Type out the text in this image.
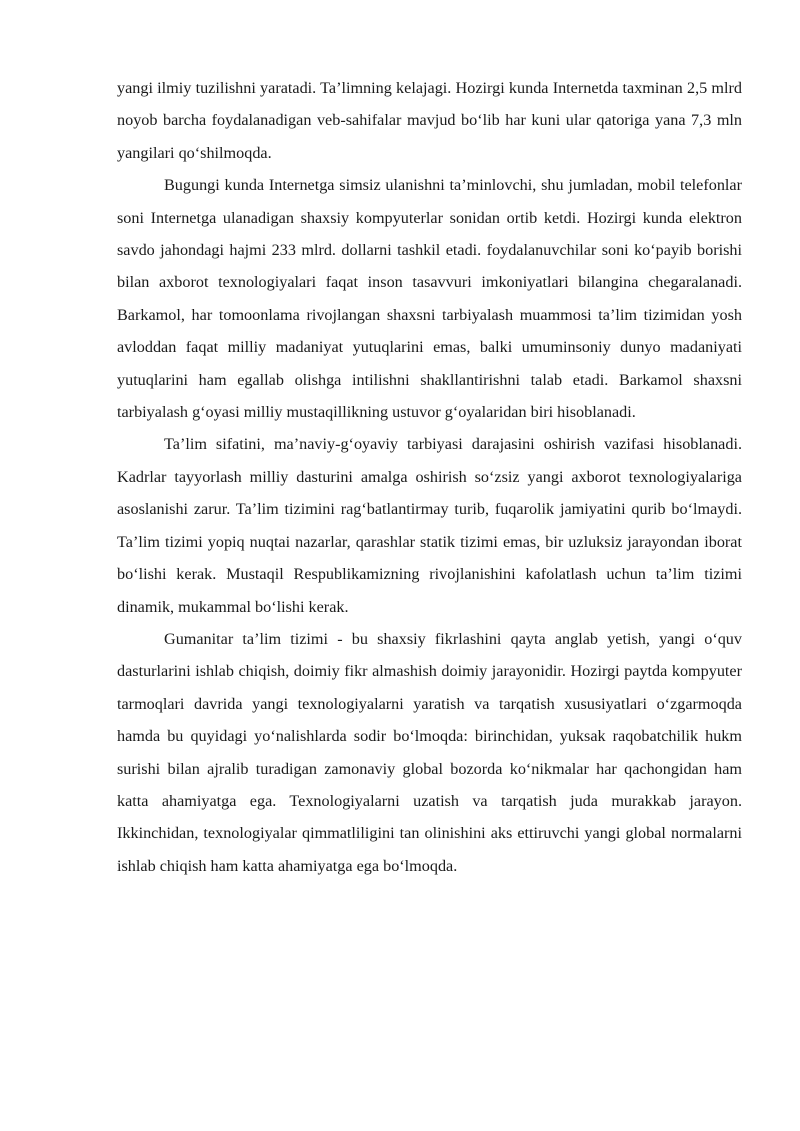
yangi ilmiy tuzilishni yaratadi. Ta’limning kelajagi. Hozirgi kunda Internetda taxminan 2,5 mlrd noyob barcha foydalanadigan veb-sahifalar mavjud bo‘lib har kuni ular qatoriga yana 7,3 mln yangilari qo‘shilmoqda.

Bugungi kunda Internetga simsiz ulanishni ta’minlovchi, shu jumladan, mobil telefonlar soni Internetga ulanadigan shaxsiy kompyuterlar sonidan ortib ketdi. Hozirgi kunda elektron savdo jahondagi hajmi 233 mlrd. dollarni tashkil etadi. foydalanuvchilar soni ko‘payib borishi bilan axborot texnologiyalari faqat inson tasavvuri imkoniyatlari bilangina chegaralanadi. Barkamol, har tomoonlama rivojlangan shaxsni tarbiyalash muammosi ta’lim tizimidan yosh avloddan faqat milliy madaniyat yutuqlarini emas, balki umuminsoniy dunyo madaniyati yutuqlarini ham egallab olishga intilishni shakllantirishni talab etadi. Barkamol shaxsni tarbiyalash g‘oyasi milliy mustaqillikning ustuvor g‘oyalaridan biri hisoblanadi.

Ta’lim sifatini, ma’naviy-g‘oyaviy tarbiyasi darajasini oshirish vazifasi hisoblanadi. Kadrlar tayyorlash milliy dasturini amalga oshirish so‘zsiz yangi axborot texnologiyalariga asoslanishi zarur. Ta’lim tizimini rag‘batlantirmay turib, fuqarolik jamiyatini qurib bo‘lmaydi. Ta’lim tizimi yopiq nuqtai nazarlar, qarashlar statik tizimi emas, bir uzluksiz jarayondan iborat bo‘lishi kerak. Mustaqil Respublikamizning rivojlanishini kafolatlash uchun ta’lim tizimi dinamik, mukammal bo‘lishi kerak.

Gumanitar ta’lim tizimi - bu shaxsiy fikrlashini qayta anglab yetish, yangi o‘quv dasturlarini ishlab chiqish, doimiy fikr almashish doimiy jarayonidir. Hozirgi paytda kompyuter tarmoqlari davrida yangi texnologiyalarni yaratish va tarqatish xususiyatlari o‘zgarmoqda hamda bu quyidagi yo‘nalishlarda sodir bo‘lmoqda: birinchidan, yuksak raqobatchilik hukm surishi bilan ajralib turadigan zamonaviy global bozorda ko‘nikmalar har qachongidan ham katta ahamiyatga ega. Texnologiyalarni uzatish va tarqatish juda murakkab jarayon. Ikkinchidan, texnologiyalar qimmatliligini tan olinishini aks ettiruvchi yangi global normalarni ishlab chiqish ham katta ahamiyatga ega bo‘lmoqda.
